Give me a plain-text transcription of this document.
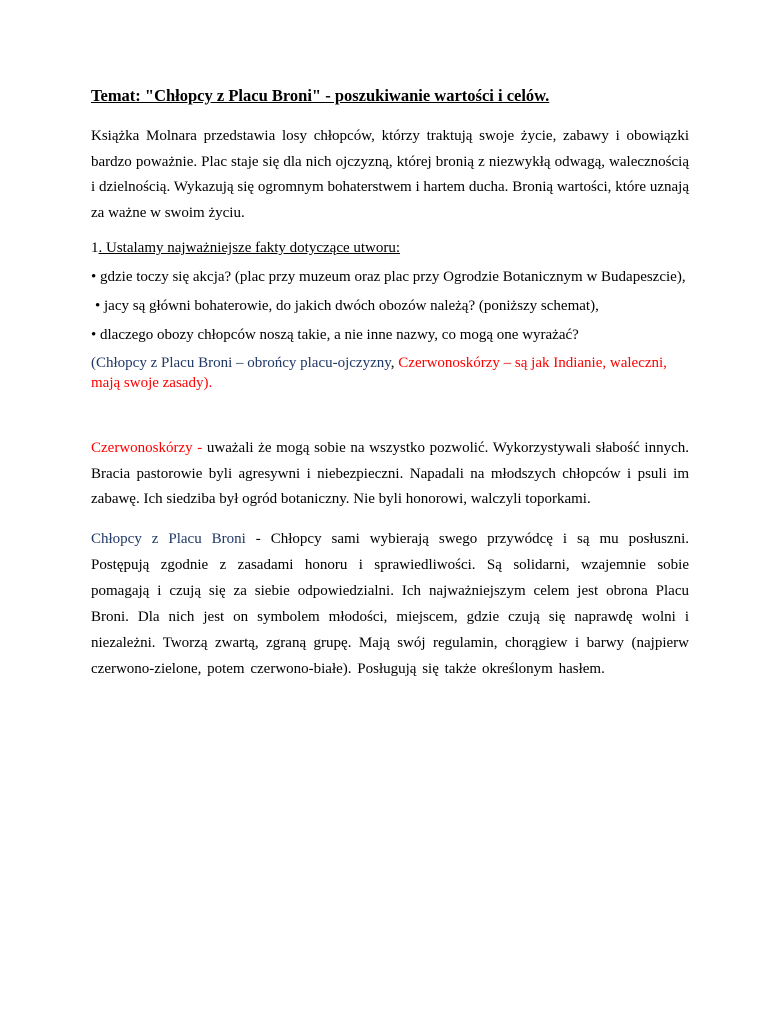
Temat: "Chłopcy z Placu Broni" - poszukiwanie wartości i celów.

Książka Molnara przedstawia losy chłopców, którzy traktują swoje życie, zabawy i obowiązki bardzo poważnie. Plac staje się dla nich ojczyzną, której bronią z niezwykłą odwagą, walecznością i dzielnością. Wykazują się ogromnym bohaterstwem i hartem ducha. Bronią wartości, które uznają za ważne w swoim życiu.

1. Ustalamy najważniejsze fakty dotyczące utworu:

• gdzie toczy się akcja? (plac przy muzeum oraz plac przy Ogrodzie Botanicznym w Budapeszcie),

• jacy są główni bohaterowie, do jakich dwóch obozów należą? (poniższy schemat),

• dlaczego obozy chłopców noszą takie, a nie inne nazwy, co mogą one wyrażać?

(Chłopcy z Placu Broni – obrońcy placu-ojczyzny, Czerwonoskórzy – są jak Indianie, waleczni, mają swoje zasady).

Czerwonoskórzy - uważali że mogą sobie na wszystko pozwolić. Wykorzystywali słabość innych. Bracia pastorowie byli agresywni i niebezpieczni. Napadali na młodszych chłopców i psuli im zabawę. Ich siedziba był ogród botaniczny. Nie byli honorowi, walczyli toporkami.

Chłopcy z Placu Broni - Chłopcy sami wybierają swego przywódcę i są mu posłuszni. Postępują zgodnie z zasadami honoru i sprawiedliwości. Są solidarni, wzajemnie sobie pomagają i czują się za siebie odpowiedzialni. Ich najważniejszym celem jest obrona Placu Broni. Dla nich jest on symbolem młodości, miejscem, gdzie czują się naprawdę wolni i niezależni. Tworzą zwartą, zgraną grupę. Mają swój regulamin, chorągiew i barwy (najpierw czerwono-zielone, potem czerwono-białe). Posługują się także określonym hasłem.
